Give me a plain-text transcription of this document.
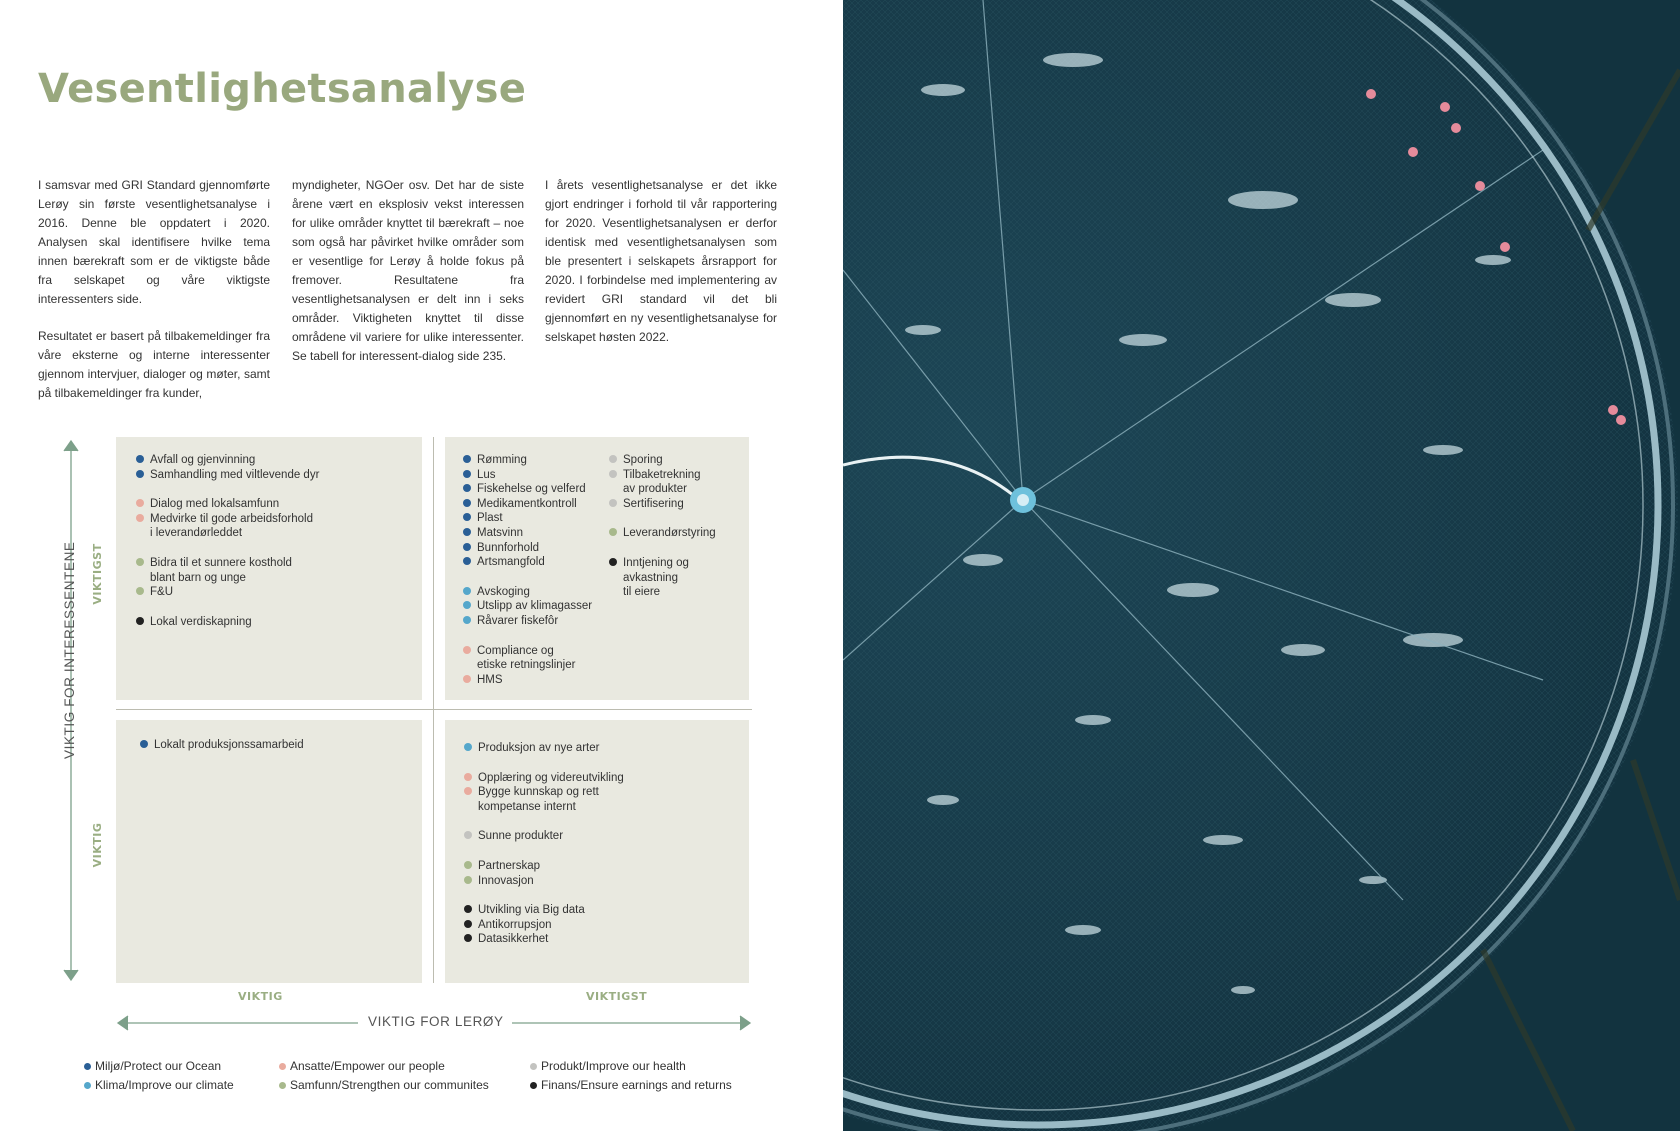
Vesentlighetsanalyse

I samsvar med GRI Standard gjennomførte Lerøy sin første vesentlighetsanalyse i 2016. Denne ble oppdatert i 2020. Analysen skal identifisere hvilke tema innen bærekraft som er de viktigste både fra selskapet og våre viktigste interessenters side.

Resultatet er basert på tilbakemeldinger fra våre eksterne og interne interessenter gjennom intervjuer, dialoger og møter, samt på tilbakemeldinger fra kunder,

myndigheter, NGOer osv. Det har de siste årene vært en eksplosiv vekst interessen for ulike områder knyttet til bærekraft – noe som også har påvirket hvilke områder som er vesentlige for Lerøy å holde fokus på fremover. Resultatene fra vesentlighetsanalysen er delt inn i seks områder. Viktigheten knyttet til disse områdene vil variere for ulike interessenter. Se tabell for interessent-dialog side 235.

I årets vesentlighetsanalyse er det ikke gjort endringer i forhold til vår rapportering for 2020. Vesentlighetsanalysen er derfor identisk med vesentlighetsanalysen som ble presentert i selskapets årsrapport for 2020. I forbindelse med implementering av revidert GRI standard vil det bli gjennomført en ny vesentlighetsanalyse for selskapet høsten 2022.

Avfall og gjenvinning
Samhandling med viltlevende dyr
Dialog med lokalsamfunn
Medvirke til gode arbeidsforhold
i leverandørleddet
Bidra til et sunnere kosthold
blant barn og unge
F&U
Lokal verdiskapning
Rømming
Lus
Fiskehelse og velferd
Medikamentkontroll
Plast
Matsvinn
Bunnforhold
Artsmangfold
Avskoging
Utslipp av klimagasser
Råvarer fiskefôr
Compliance og
etiske retningslinjer
HMS
Sporing
Tilbaketrekning
av produkter
Sertifisering
Leverandørstyring
Inntjening og
avkastning
til eiere
Lokalt produksjonssamarbeid	Produksjon av nye arter
Opplæring og videreutvikling
Bygge kunnskap og rett
kompetanse internt
Sunne produkter
Partnerskap
Innovasjon
Utvikling via Big data
Antikorrupsjon
Datasikkerhet
VIKTIG FOR INTERESSENTENE VIKTIGST
VIKTIG
VIKTIG	VIKTIGST
VIKTIG FOR LERØY
Miljø/Protect our Ocean
Klima/Improve our climate
Ansatte/Empower our people
Samfunn/Strengthen our communites
Produkt/Improve our health
Finans/Ensure earnings and returns
